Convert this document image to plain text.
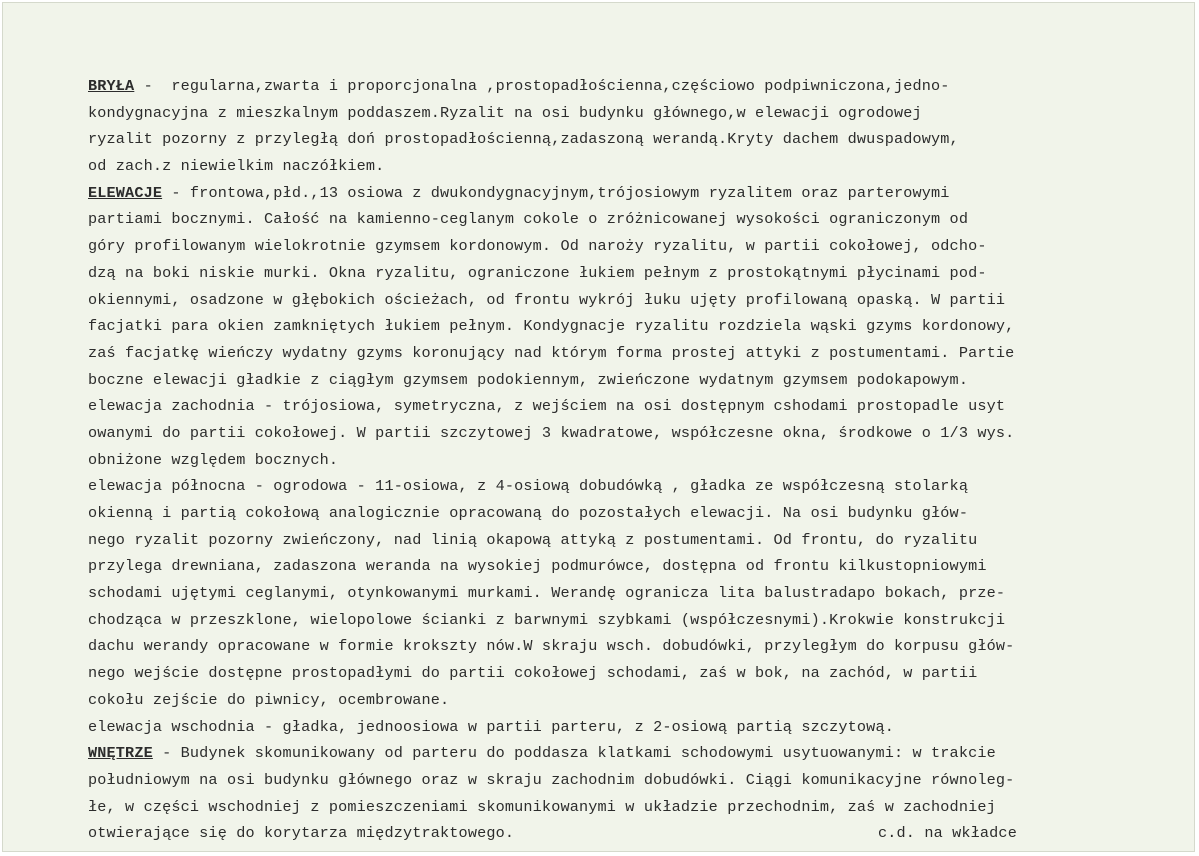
BRYŁA -  regularna,zwarta i proporcjonalna ,prostopadłościenna,częściowo podpiwniczona,jedno-
kondygnacyjna z mieszkalnym poddaszem.Ryzalit na osi budynku głównego,w elewacji ogrodowej
ryzalit pozorny z przyległą doń prostopadłościenną,zadaszoną werandą.Kryty dachem dwuspadowym,
od zach.z niewielkim naczółkiem.
ELEWACJE - frontowa,płd.,13 osiowa z dwukondygnacyjnym,trójosiowym ryzalitem oraz parterowymi
partiami bocznymi. Całość na kamienno-ceglanym cokole o zróżnicowanej wysokości ograniczonym od
góry profilowanym wielokrotnie gzymsem kordonowym. Od naroży ryzalitu, w partii cokołowej, odcho-
dzą na boki niskie murki. Okna ryzalitu, ograniczone łukiem pełnym z prostokątnymi płycinami pod-
okiennymi, osadzone w głębokich ościeżach, od frontu wykrój łuku ujęty profilowaną opaską. W partii
facjatki para okien zamkniętych łukiem pełnym. Kondygnacje ryzalitu rozdziela wąski gzyms kordonowy,
zaś facjatkę wieńczy wydatny gzyms koronujący nad którym forma prostej attyki z postumentami. Partie
boczne elewacji gładkie z ciągłym gzymsem podokiennym, zwieńczone wydatnym gzymsem podokapowym.
elewacja zachodnia - trójosiowa, symetryczna, z wejściem na osi dostępnym cshodami prostopadle usyt
owanymi do partii cokołowej. W partii szczytowej 3 kwadratowe, współczesne okna, środkowe o 1/3 wys.
obniżone względem bocznych.
elewacja północna - ogrodowa - 11-osiowa, z 4-osiową dobudówką , gładka ze współczesną stolarką
okienną i partią cokołową analogicznie opracowaną do pozostałych elewacji. Na osi budynku głów-
nego ryzalit pozorny zwieńczony, nad linią okapową attyką z postumentami. Od frontu, do ryzalitu
przylega drewniana, zadaszona weranda na wysokiej podmurówce, dostępna od frontu kilkustopniowymi
schodami ujętymi ceglanymi, otynkowanymi murkami. Werandę ogranicza lita balustradapo bokach, prze-
chodząca w przeszklone, wielopolowe ścianki z barwnymi szybkami (współczesnymi).Krokwie konstrukcji
dachu werandy opracowane w formie krokszty nów.W skraju wsch. dobudówki, przyległym do korpusu głów-
nego wejście dostępne prostopadłymi do partii cokołowej schodami, zaś w bok, na zachód, w partii
cokołu zejście do piwnicy, ocembrowane.
elewacja wschodnia - gładka, jednoosiowa w partii parteru, z 2-osiową partią szczytową.
WNĘTRZE - Budynek skomunikowany od parteru do poddasza klatkami schodowymi usytuowanymi: w trakcie
południowym na osi budynku głównego oraz w skraju zachodnim dobudówki. Ciągi komunikacyjne równoleg-
łe, w części wschodniej z pomieszczeniami skomunikowanymi w układzie przechodnim, zaś w zachodniej
otwierające się do korytarza międzytraktowego.	c.d. na wkładce
